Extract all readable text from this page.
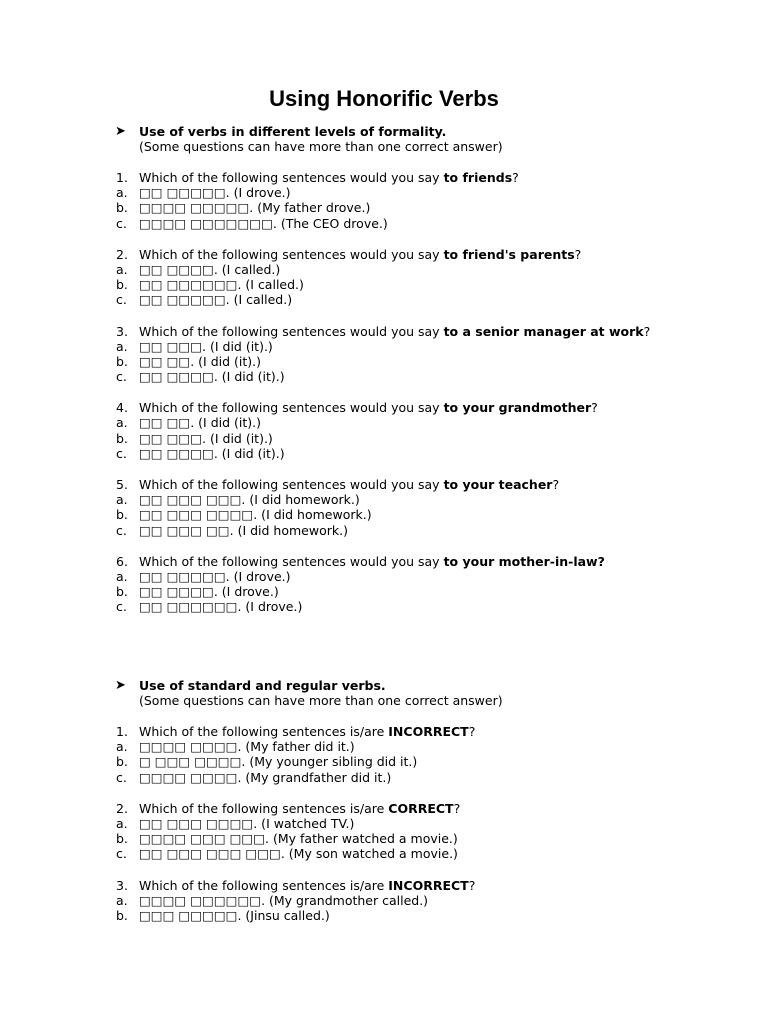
Using Honorific Verbs
➤ Use of verbs in different levels of formality.
(Some questions can have more than one correct answer)
1. Which of the following sentences would you say to friends?
a. □□ □□□□□. (I drove.)
b. □□□□ □□□□□. (My father drove.)
c. □□□□ □□□□□□□. (The CEO drove.)
2. Which of the following sentences would you say to friend's parents?
a. □□ □□□□. (I called.)
b. □□ □□□□□□. (I called.)
c. □□ □□□□□. (I called.)
3. Which of the following sentences would you say to a senior manager at work?
a. □□ □□□. (I did (it).)
b. □□ □□. (I did (it).)
c. □□ □□□□. (I did (it).)
4. Which of the following sentences would you say to your grandmother?
a. □□ □□. (I did (it).)
b. □□ □□□. (I did (it).)
c. □□ □□□□. (I did (it).)
5. Which of the following sentences would you say to your teacher?
a. □□ □□□ □□□. (I did homework.)
b. □□ □□□ □□□□. (I did homework.)
c. □□ □□□ □□. (I did homework.)
6. Which of the following sentences would you say to your mother-in-law?
a. □□ □□□□□. (I drove.)
b. □□ □□□□. (I drove.)
c. □□ □□□□□□. (I drove.)
➤ Use of standard and regular verbs.
(Some questions can have more than one correct answer)
1. Which of the following sentences is/are INCORRECT?
a. □□□□ □□□□. (My father did it.)
b. □ □□□ □□□□. (My younger sibling did it.)
c. □□□□ □□□□. (My grandfather did it.)
2. Which of the following sentences is/are CORRECT?
a. □□ □□□ □□□□. (I watched TV.)
b. □□□□ □□□ □□□. (My father watched a movie.)
c. □□ □□□ □□□ □□□. (My son watched a movie.)
3. Which of the following sentences is/are INCORRECT?
a. □□□□ □□□□□□. (My grandmother called.)
b. □□□ □□□□□. (Jinsu called.)
